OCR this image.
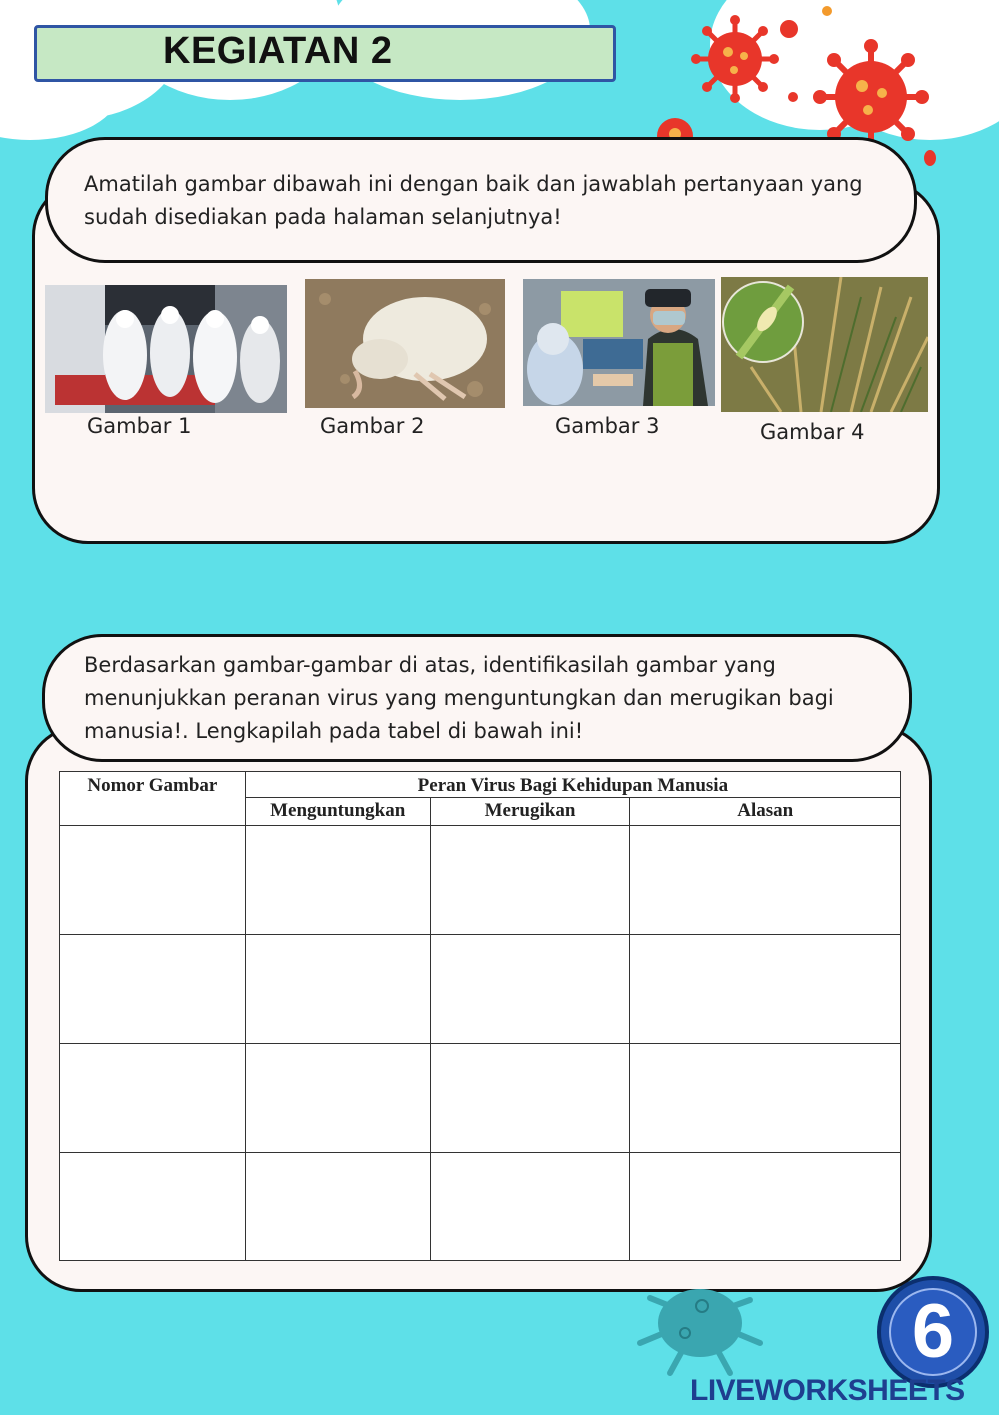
KEGIATAN 2
Amatilah gambar dibawah ini dengan baik dan jawablah pertanyaan yang sudah disediakan pada halaman selanjutnya!
Gambar 1	Gambar 2	Gambar 3	Gambar 4
Berdasarkan gambar-gambar di atas, identifikasilah gambar yang menunjukkan peranan virus yang menguntungkan dan merugikan bagi manusia!. Lengkapilah pada tabel di bawah ini!
Nomor Gambar	Peran Virus Bagi Kehidupan Manusia		
	Menguntungkan	Merugikan	Alasan

6
LIVEWORKSHEETS
